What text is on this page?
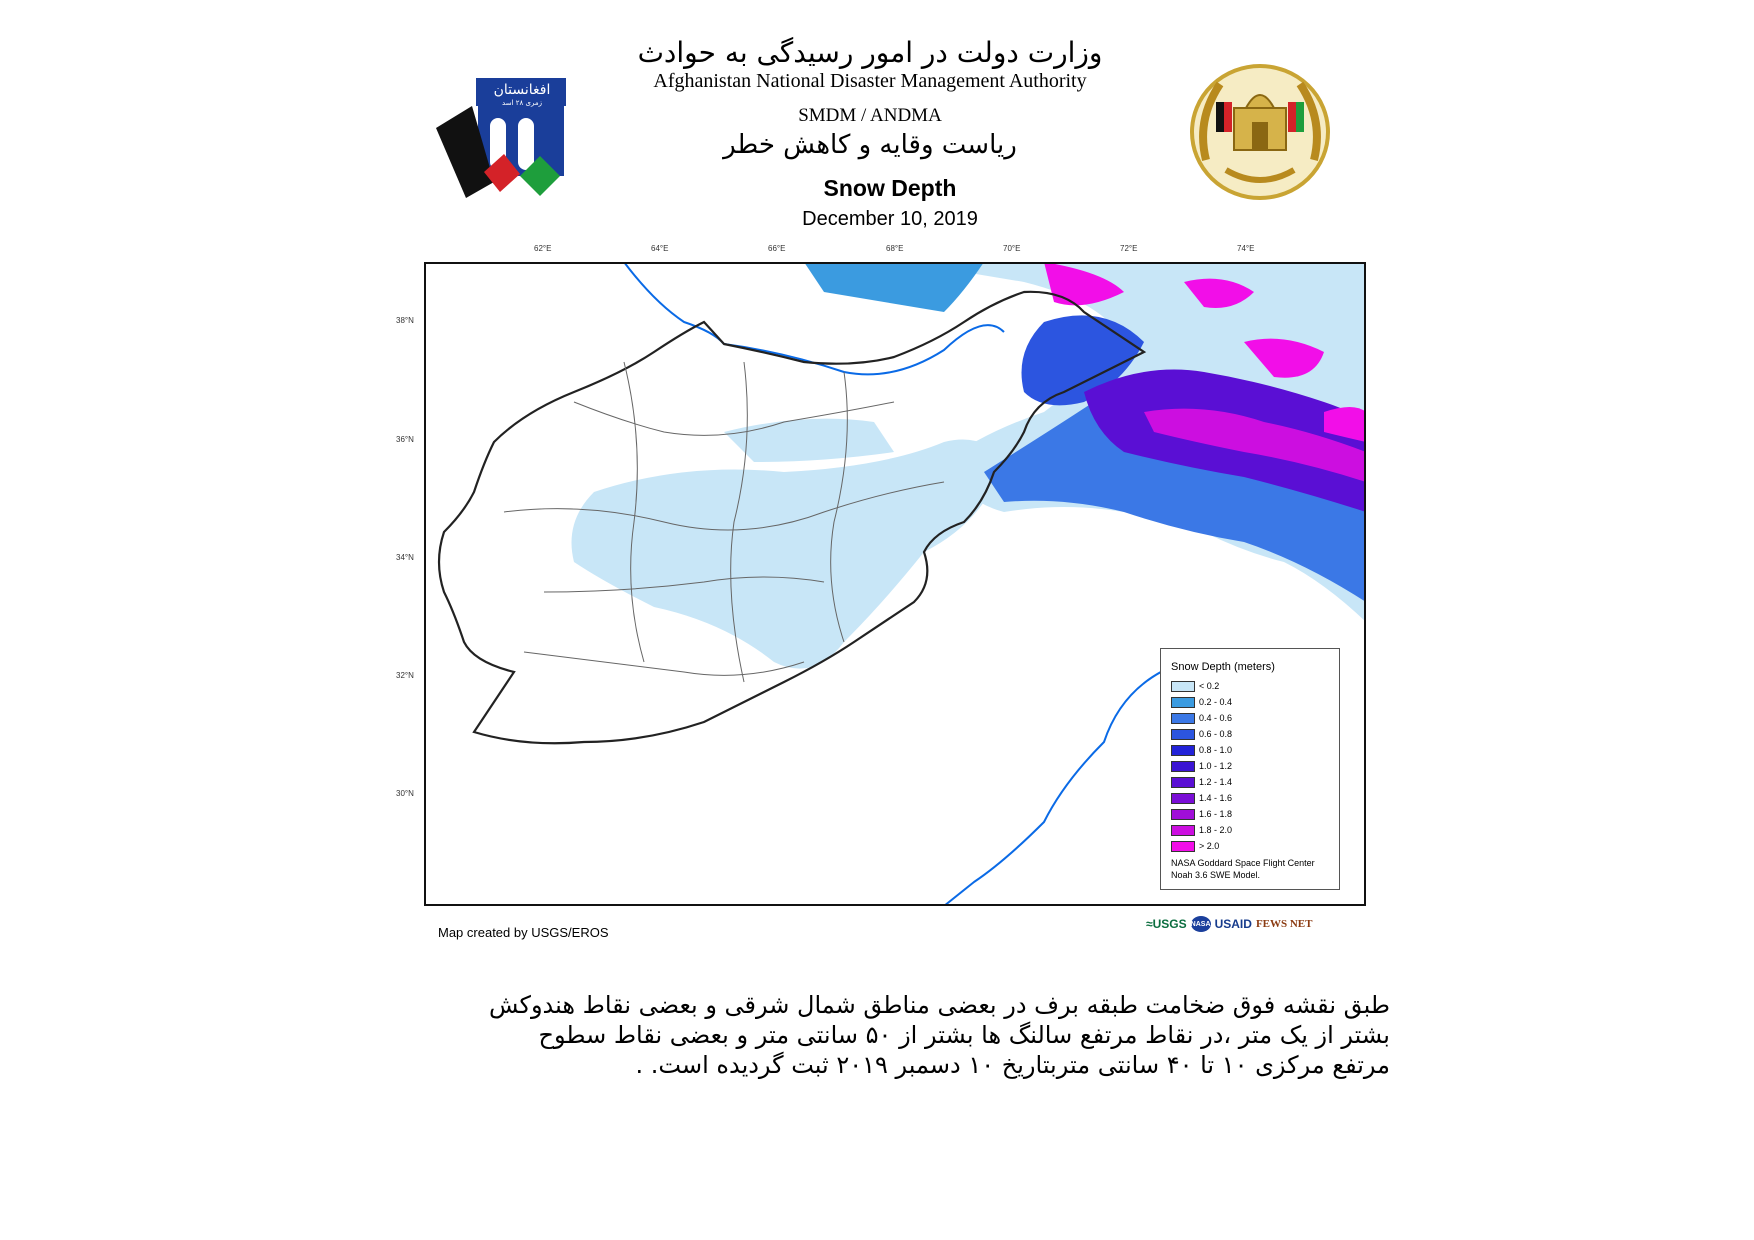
وزارت دولت در امور رسیدگی به حوادث
Afghanistan National Disaster Management Authority
SMDM / ANDMA
ریاست وقایه و کاهش خطر
Snow Depth
December 10, 2019
افغانستان
زمری ۲۸ اسد
62°E	64°E	66°E	68°E	70°E	72°E	74°E
38°N
36°N
34°N
32°N
30°N
Snow Depth (meters)
< 0.2
0.2 - 0.4
0.4 - 0.6
0.6 - 0.8
0.8 - 1.0
1.0 - 1.2
1.2 - 1.4
1.4 - 1.6
1.6 - 1.8
1.8 - 2.0
> 2.0
NASA Goddard Space Flight Center
Noah 3.6 SWE Model.
Map created by USGS/EROS
≈USGS NASA USAID FEWS NET

طبق نقشه فوق ضخامت طبقه برف در بعضی مناطق شمال شرقی و بعضی نقاط هندوکش

بشتر از یک متر ،در نقاط مرتفع سالنگ ها بشتر از ۵۰ سانتی متر و بعضی نقاط سطوح

مرتفع مرکزی ۱۰ تا ۴۰ سانتی متربتاریخ ۱۰ دسمبر ۲۰۱۹ ثبت گردیده است. .
